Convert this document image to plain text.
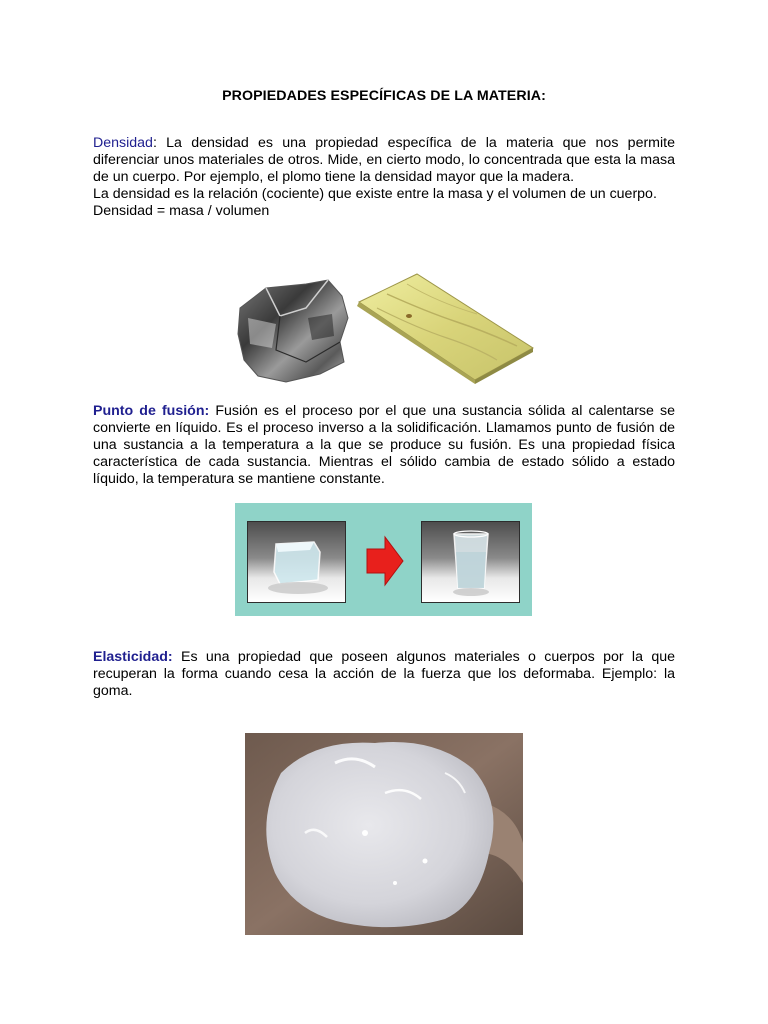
PROPIEDADES ESPECÍFICAS DE LA MATERIA:

Densidad: La densidad es una propiedad específica de la materia que nos permite diferenciar unos materiales de otros. Mide, en cierto modo, lo concentrada que esta la masa de un cuerpo. Por ejemplo, el plomo tiene la densidad mayor que la madera.

La densidad es la relación (cociente) que existe entre la masa y el volumen de un cuerpo.

Densidad = masa / volumen

Punto de fusión: Fusión es el proceso por el que una sustancia sólida al calentarse se convierte en líquido. Es el proceso inverso a la solidificación. Llamamos punto de fusión de una sustancia a la temperatura a la que se produce su fusión. Es una propiedad física característica de cada sustancia. Mientras el sólido cambia de estado sólido a estado líquido, la temperatura se mantiene constante.

Elasticidad: Es una propiedad que poseen algunos materiales o cuerpos por la que recuperan la forma cuando cesa la acción de la fuerza que los deformaba. Ejemplo: la goma.
